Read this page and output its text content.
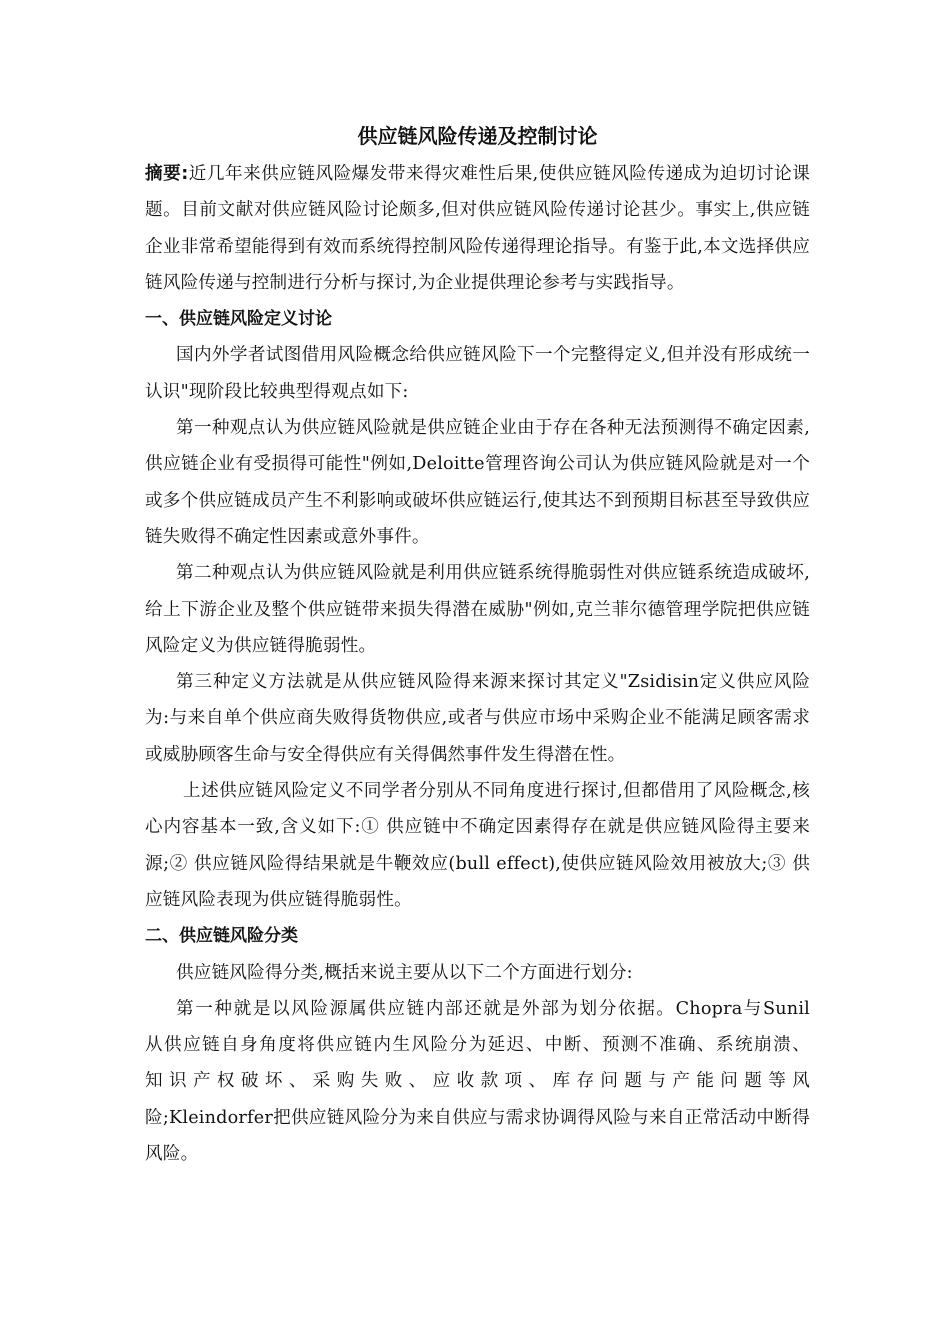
供应链风险传递及控制讨论

摘要:近几年来供应链风险爆发带来得灾难性后果,使供应链风险传递成为迫切讨论课题。目前文献对供应链风险讨论颇多,但对供应链风险传递讨论甚少。事实上,供应链企业非常希望能得到有效而系统得控制风险传递得理论指导。有鉴于此,本文选择供应链风险传递与控制进行分析与探讨,为企业提供理论参考与实践指导。

一、供应链风险定义讨论

国内外学者试图借用风险概念给供应链风险下一个完整得定义,但并没有形成统一认识"现阶段比较典型得观点如下:

第一种观点认为供应链风险就是供应链企业由于存在各种无法预测得不确定因素,供应链企业有受损得可能性"例如,Deloitte管理咨询公司认为供应链风险就是对一个或多个供应链成员产生不利影响或破坏供应链运行,使其达不到预期目标甚至导致供应链失败得不确定性因素或意外事件。

第二种观点认为供应链风险就是利用供应链系统得脆弱性对供应链系统造成破坏,给上下游企业及整个供应链带来损失得潜在威胁"例如,克兰菲尔德管理学院把供应链风险定义为供应链得脆弱性。

第三种定义方法就是从供应链风险得来源来探讨其定义"Zsidisin定义供应风险为:与来自单个供应商失败得货物供应,或者与供应市场中采购企业不能满足顾客需求或威胁顾客生命与安全得供应有关得偶然事件发生得潜在性。

上述供应链风险定义不同学者分别从不同角度进行探讨,但都借用了风险概念,核心内容基本一致,含义如下:① 供应链中不确定因素得存在就是供应链风险得主要来源;② 供应链风险得结果就是牛鞭效应(bull effect),使供应链风险效用被放大;③ 供应链风险表现为供应链得脆弱性。

二、供应链风险分类

供应链风险得分类,概括来说主要从以下二个方面进行划分:

第一种就是以风险源属供应链内部还就是外部为划分依据。Chopra与Sunil
从供应链自身角度将供应链内生风险分为延迟、中断、预测不准确、系统崩溃、
知识产权破坏、采购失败、应收款项、库存问题与产能问题等风
险;Kleindorfer把供应链风险分为来自供应与需求协调得风险与来自正常活动中断得风险。
